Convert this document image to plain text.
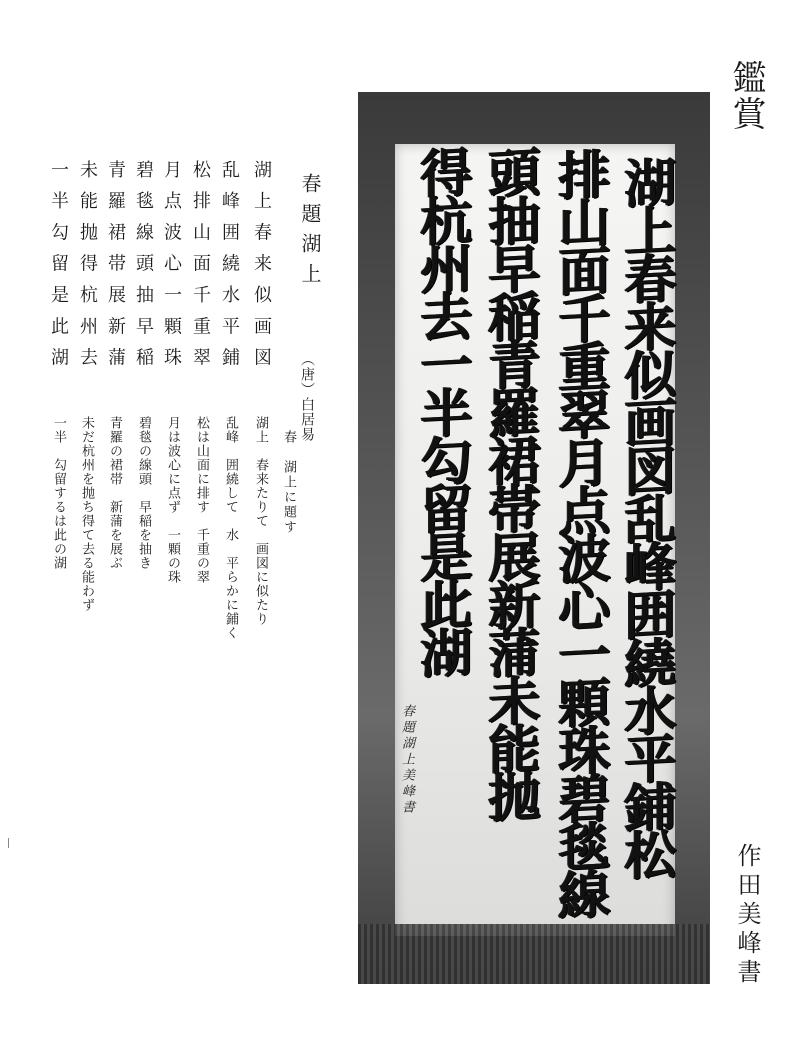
鑑賞
湖上春来似画図乱峰囲繞水平鋪松
排山面千重翠月点波心一顆珠碧毯線
頭抽早稲青羅裙帯展新蒲未能抛
得杭州去一半勾留是此湖
春題湖上美峰書
春題湖上
（唐）白居易
湖上春来似画図
乱峰囲繞水平鋪
松排山面千重翠
月点波心一顆珠
碧毯線頭抽早稲
青羅裙帯展新蒲
未能抛得杭州去
一半勾留是此湖
春　湖上に題す
湖上　春来たりて　画図に似たり
乱峰　囲繞して　水　平らかに鋪く
松は山面に排す　千重の翠
月は波心に点ず　一顆の珠
碧毯の線頭　早稲を抽き
青羅の裙帯　新蒲を展ぶ
未だ杭州を抛ち得て去る能わず
一半　勾留するは此の湖
作田美峰書
